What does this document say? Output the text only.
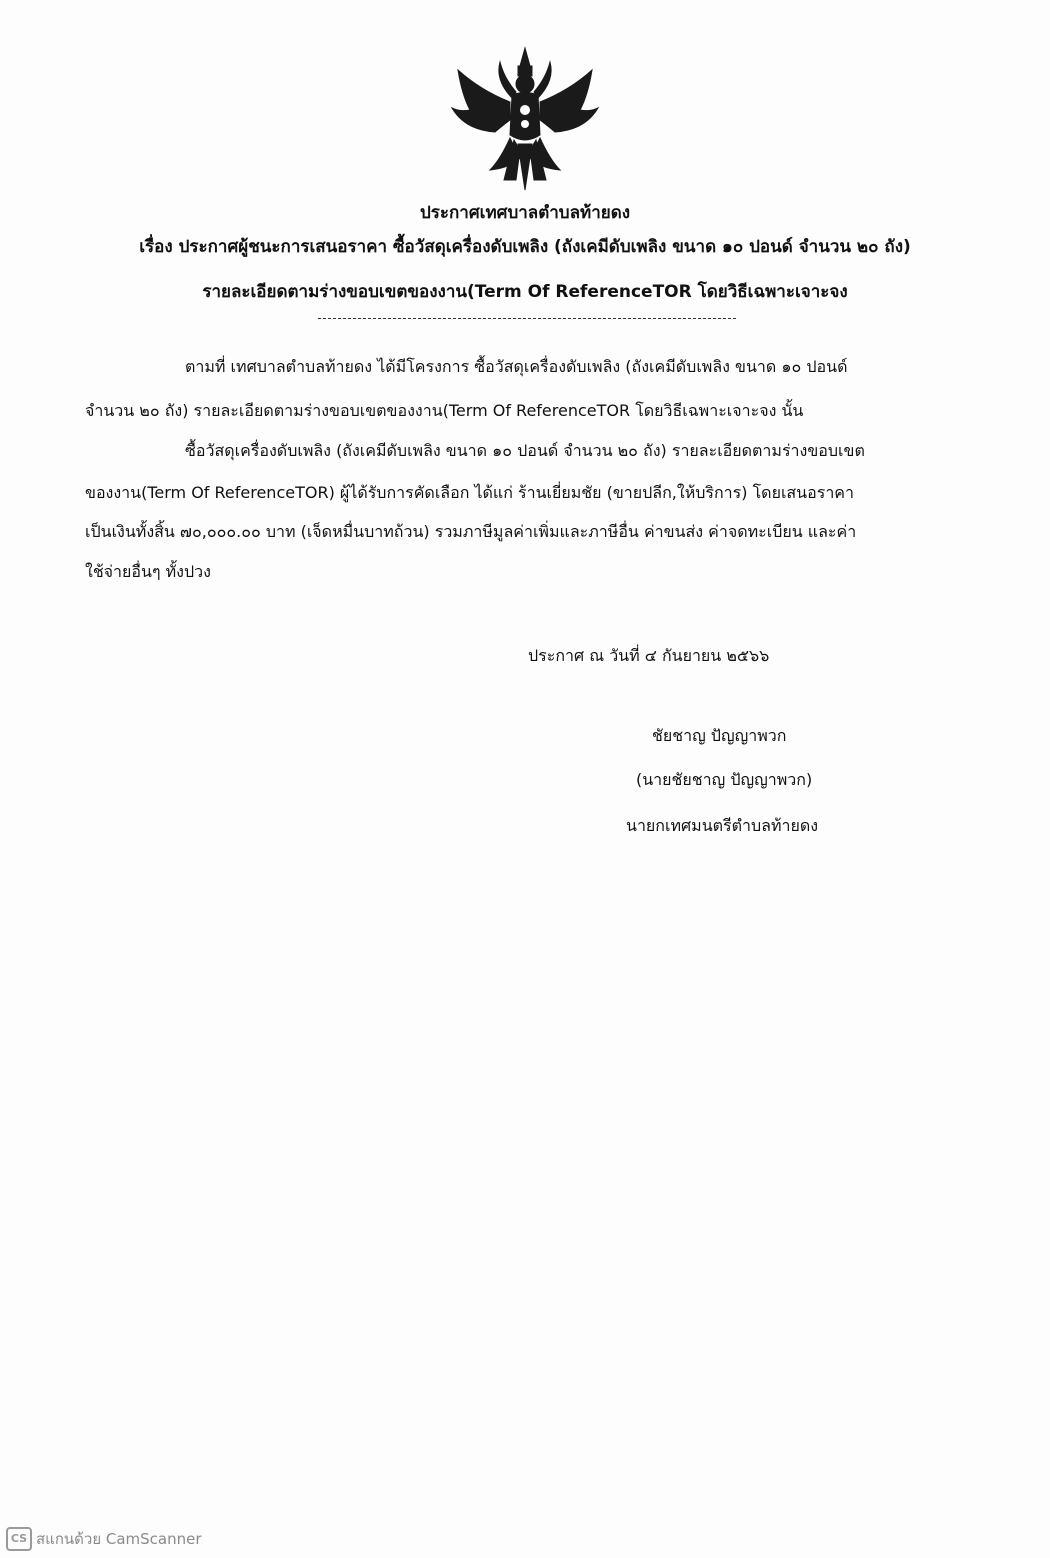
ประกาศเทศบาลตำบลท้ายดง
เรื่อง ประกาศผู้ชนะการเสนอราคา ซื้อวัสดุเครื่องดับเพลิง (ถังเคมีดับเพลิง ขนาด ๑๐ ปอนด์ จำนวน ๒๐ ถัง)
รายละเอียดตามร่างขอบเขตของงาน(Term Of ReferenceTOR โดยวิธีเฉพาะเจาะจง
ตามที่ เทศบาลตำบลท้ายดง ได้มีโครงการ ซื้อวัสดุเครื่องดับเพลิง (ถังเคมีดับเพลิง ขนาด ๑๐ ปอนด์
จำนวน ๒๐ ถัง) รายละเอียดตามร่างขอบเขตของงาน(Term Of ReferenceTOR โดยวิธีเฉพาะเจาะจง นั้น
ซื้อวัสดุเครื่องดับเพลิง (ถังเคมีดับเพลิง ขนาด ๑๐ ปอนด์ จำนวน ๒๐ ถัง) รายละเอียดตามร่างขอบเขต
ของงาน(Term Of ReferenceTOR) ผู้ได้รับการคัดเลือก ได้แก่ ร้านเยี่ยมชัย (ขายปลีก,ให้บริการ) โดยเสนอราคา
เป็นเงินทั้งสิ้น ๗๐,๐๐๐.๐๐ บาท (เจ็ดหมื่นบาทถ้วน) รวมภาษีมูลค่าเพิ่มและภาษีอื่น ค่าขนส่ง ค่าจดทะเบียน และค่า
ใช้จ่ายอื่นๆ ทั้งปวง
ประกาศ ณ วันที่ ๔ กันยายน ๒๕๖๖
ชัยชาญ ปัญญาพวก
(นายชัยชาญ ปัญญาพวก)
นายกเทศมนตรีตำบลท้ายดง
CS สแกนด้วย CamScanner
